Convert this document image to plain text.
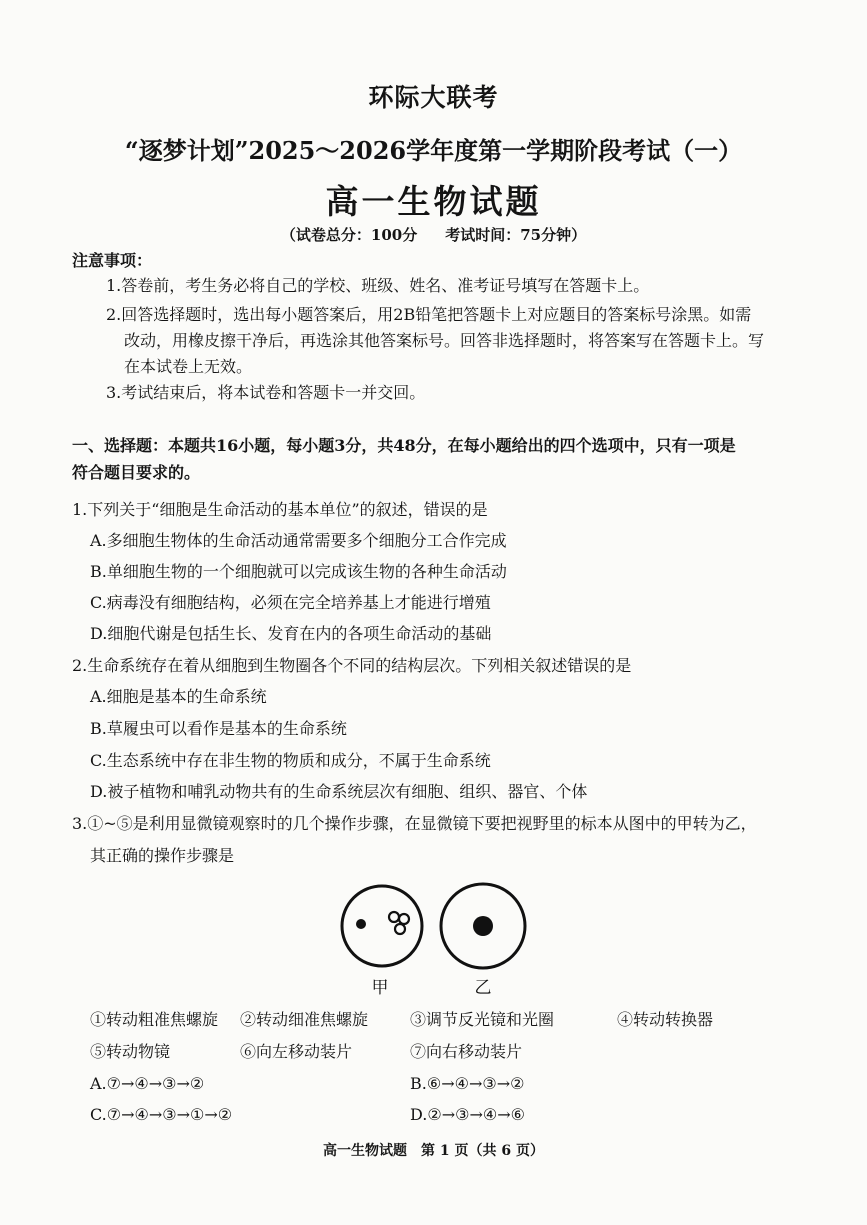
环际大联考
“逐梦计划”2025～2026学年度第一学期阶段考试（一）
高一生物试题
（试卷总分：100分 考试时间：75分钟）
注意事项：
1.答卷前，考生务必将自己的学校、班级、姓名、准考证号填写在答题卡上。
2.回答选择题时，选出每小题答案后，用2B铅笔把答题卡上对应题目的答案标号涂黑。如需
改动，用橡皮擦干净后，再选涂其他答案标号。回答非选择题时，将答案写在答题卡上。写
在本试卷上无效。
3.考试结束后，将本试卷和答题卡一并交回。
一、选择题：本题共16小题，每小题3分，共48分，在每小题给出的四个选项中，只有一项是
符合题目要求的。
1.下列关于“细胞是生命活动的基本单位”的叙述，错误的是
A.多细胞生物体的生命活动通常需要多个细胞分工合作完成
B.单细胞生物的一个细胞就可以完成该生物的各种生命活动
C.病毒没有细胞结构，必须在完全培养基上才能进行增殖
D.细胞代谢是包括生长、发育在内的各项生命活动的基础
2.生命系统存在着从细胞到生物圈各个不同的结构层次。下列相关叙述错误的是
A.细胞是基本的生命系统
B.草履虫可以看作是基本的生命系统
C.生态系统中存在非生物的物质和成分，不属于生命系统
D.被子植物和哺乳动物共有的生命系统层次有细胞、组织、器官、个体
3.①~⑤是利用显微镜观察时的几个操作步骤，在显微镜下要把视野里的标本从图中的甲转为乙，
其正确的操作步骤是
甲	乙
①转动粗准焦螺旋 ②转动细准焦螺旋	③调节反光镜和光圈	④转动转换器
⑤转动物镜	⑥向左移动装片	⑦向右移动装片
A.⑦→④→③→②	B.⑥→④→③→②
C.⑦→④→③→①→②	D.②→③→④→⑥
高一生物试题　第 1 页（共 6 页）
